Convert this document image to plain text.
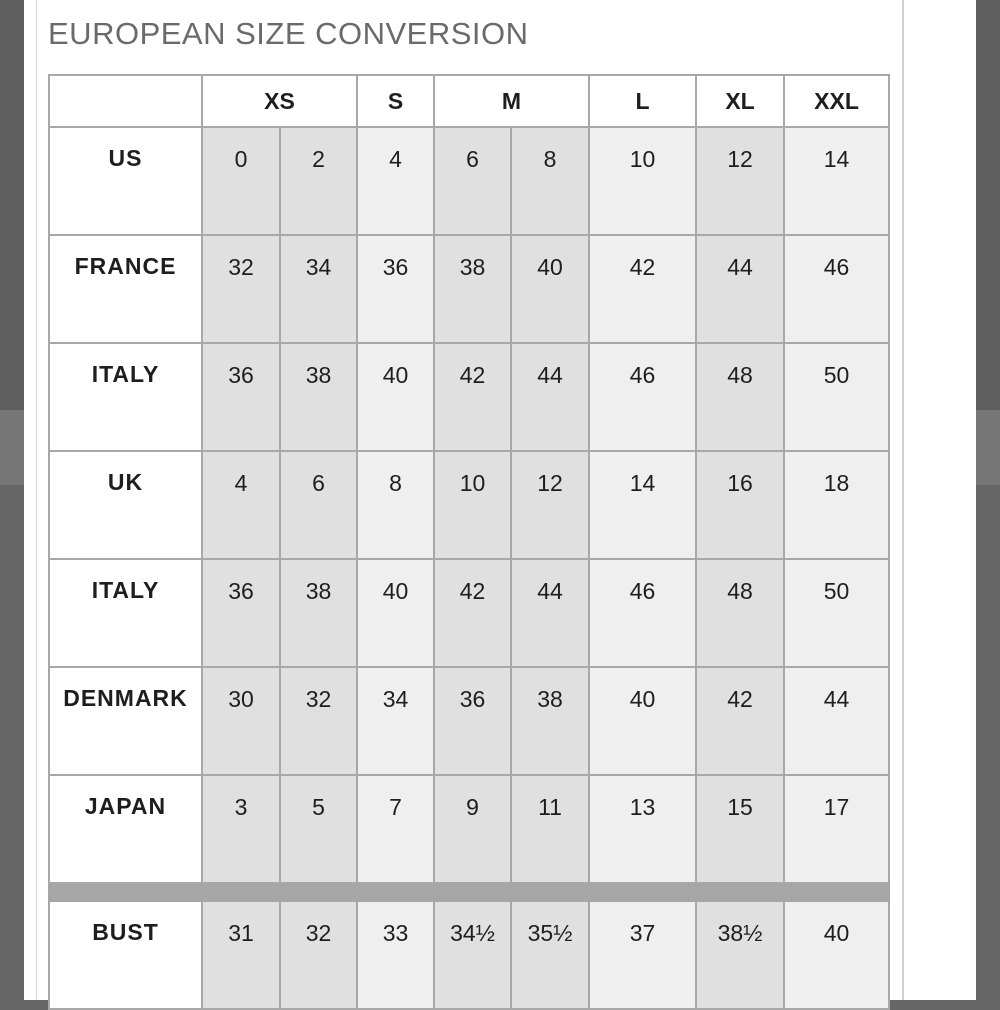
EUROPEAN SIZE CONVERSION
	XS		S	M		L	XL	XXL
US	0	2	4	6	8	10	12	14
FRANCE	32	34	36	38	40	42	44	46
ITALY	36	38	40	42	44	46	48	50
UK	4	6	8	10	12	14	16	18
ITALY	36	38	40	42	44	46	48	50
DENMARK	30	32	34	36	38	40	42	44
JAPAN	3	5	7	9	11	13	15	17

BUST	31	32	33	34½	35½	37	38½	40
